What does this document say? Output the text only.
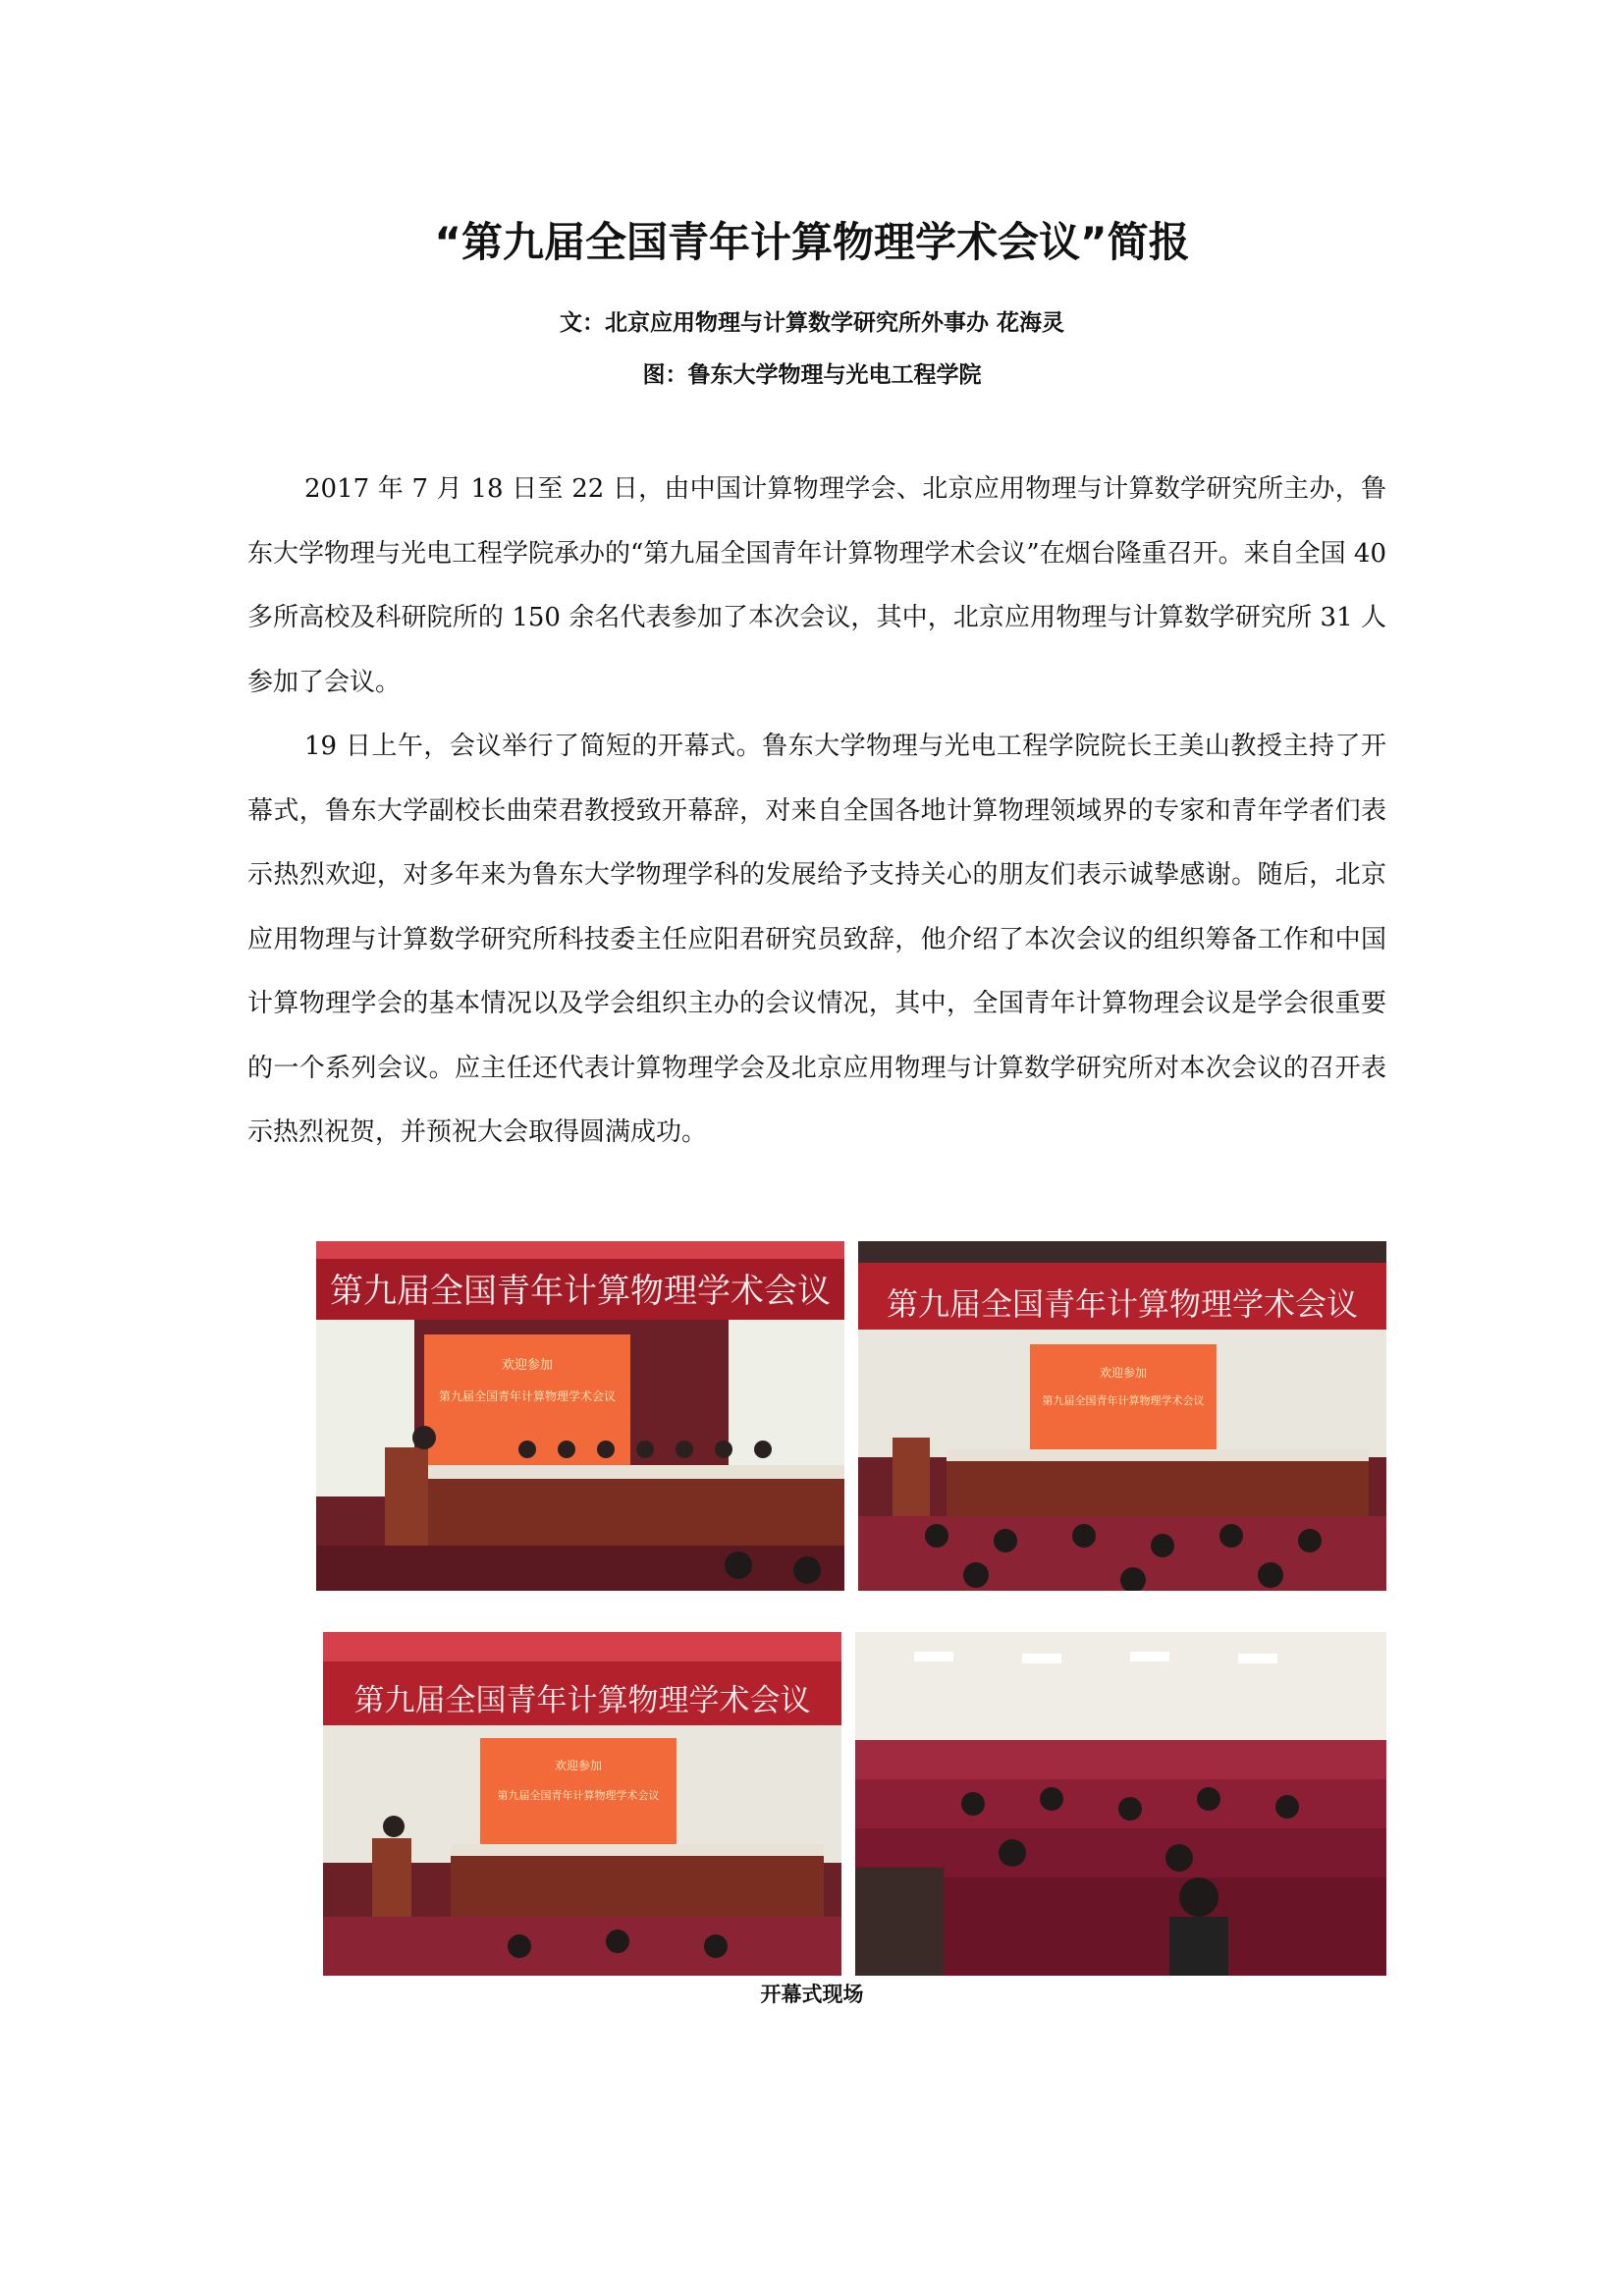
“第九届全国青年计算物理学术会议”简报
文：北京应用物理与计算数学研究所外事办 花海灵
图：鲁东大学物理与光电工程学院

2017 年 7 月 18 日至 22 日，由中国计算物理学会、北京应用物理与计算数学研究所主办，鲁东大学物理与光电工程学院承办的“第九届全国青年计算物理学术会议”在烟台隆重召开。来自全国 40 多所高校及科研院所的 150 余名代表参加了本次会议，其中，北京应用物理与计算数学研究所 31 人参加了会议。

19 日上午，会议举行了简短的开幕式。鲁东大学物理与光电工程学院院长王美山教授主持了开幕式，鲁东大学副校长曲荣君教授致开幕辞，对来自全国各地计算物理领域界的专家和青年学者们表示热烈欢迎，对多年来为鲁东大学物理学科的发展给予支持关心的朋友们表示诚挚感谢。随后，北京应用物理与计算数学研究所科技委主任应阳君研究员致辞，他介绍了本次会议的组织筹备工作和中国计算物理学会的基本情况以及学会组织主办的会议情况，其中，全国青年计算物理会议是学会很重要的一个系列会议。应主任还代表计算物理学会及北京应用物理与计算数学研究所对本次会议的召开表示热烈祝贺，并预祝大会取得圆满成功。

第九届全国青年计算物理学术会议
欢迎参加
第九届全国青年计算物理学术会议
第九届全国青年计算物理学术会议
欢迎参加
第九届全国青年计算物理学术会议
第九届全国青年计算物理学术会议
欢迎参加
第九届全国青年计算物理学术会议
开幕式现场
